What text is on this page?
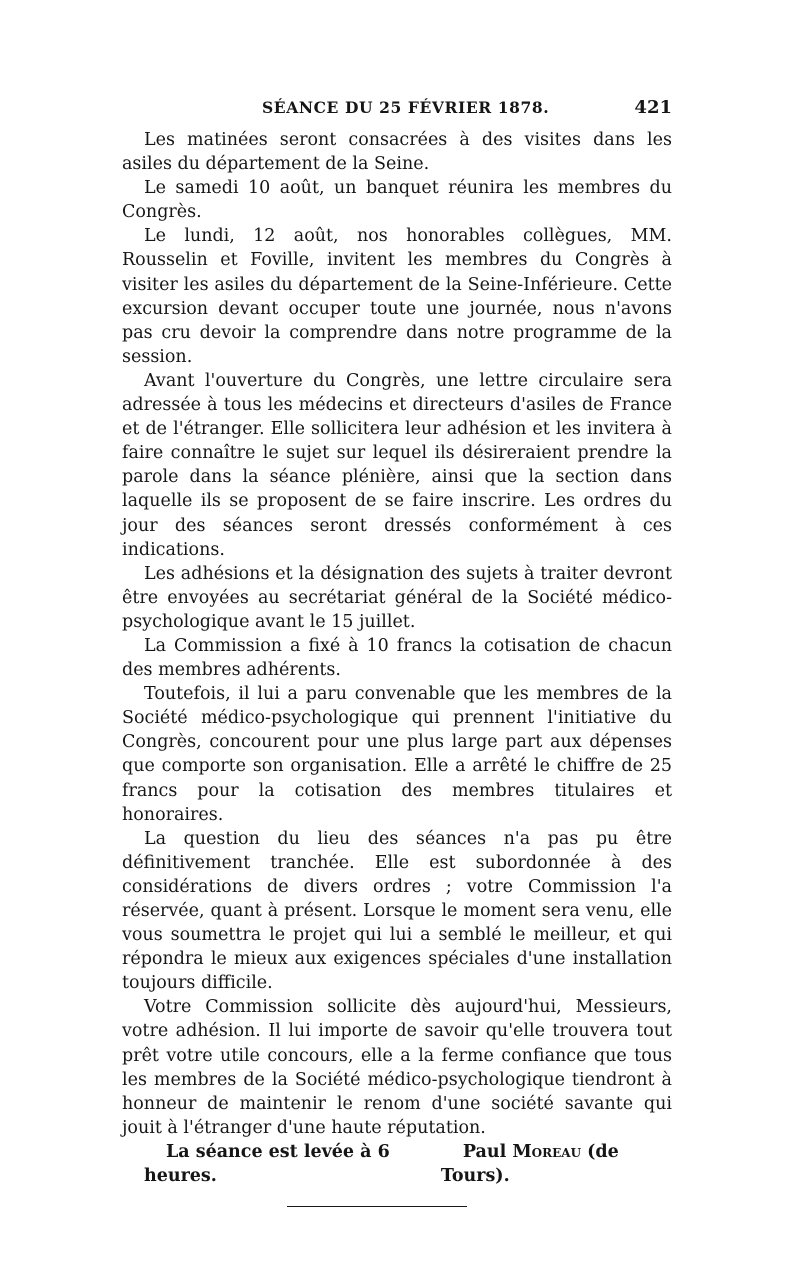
SÉANCE DU 25 FÉVRIER 1878.	421

Les matinées seront consacrées à des visites dans les asiles du département de la Seine.

Le samedi 10 août, un banquet réunira les membres du Congrès.

Le lundi, 12 août, nos honorables collègues, MM. Rousselin et Foville, invitent les membres du Congrès à visiter les asiles du département de la Seine-Inférieure. Cette excursion devant occuper toute une journée, nous n'avons pas cru devoir la comprendre dans notre programme de la session.

Avant l'ouverture du Congrès, une lettre circulaire sera adressée à tous les médecins et directeurs d'asiles de France et de l'étranger. Elle sollicitera leur adhésion et les invitera à faire connaître le sujet sur lequel ils désireraient prendre la parole dans la séance plénière, ainsi que la section dans laquelle ils se proposent de se faire inscrire. Les ordres du jour des séances seront dressés conformément à ces indications.

Les adhésions et la désignation des sujets à traiter devront être envoyées au secrétariat général de la Société médico-psychologique avant le 15 juillet.

La Commission a fixé à 10 francs la cotisation de chacun des membres adhérents.

Toutefois, il lui a paru convenable que les membres de la Société médico-psychologique qui prennent l'initiative du Congrès, concourent pour une plus large part aux dépenses que comporte son organisation. Elle a arrêté le chiffre de 25 francs pour la cotisation des membres titulaires et honoraires.

La question du lieu des séances n'a pas pu être définitivement tranchée. Elle est subordonnée à des considérations de divers ordres ; votre Commission l'a réservée, quant à présent. Lorsque le moment sera venu, elle vous soumettra le projet qui lui a semblé le meilleur, et qui répondra le mieux aux exigences spéciales d'une installation toujours difficile.

Votre Commission sollicite dès aujourd'hui, Messieurs, votre adhésion. Il lui importe de savoir qu'elle trouvera tout prêt votre utile concours, elle a la ferme confiance que tous les membres de la Société médico-psychologique tiendront à honneur de maintenir le renom d'une société savante qui jouit à l'étranger d'une haute réputation.

La séance est levée à 6 heures.
Paul Moreau (de Tours).
